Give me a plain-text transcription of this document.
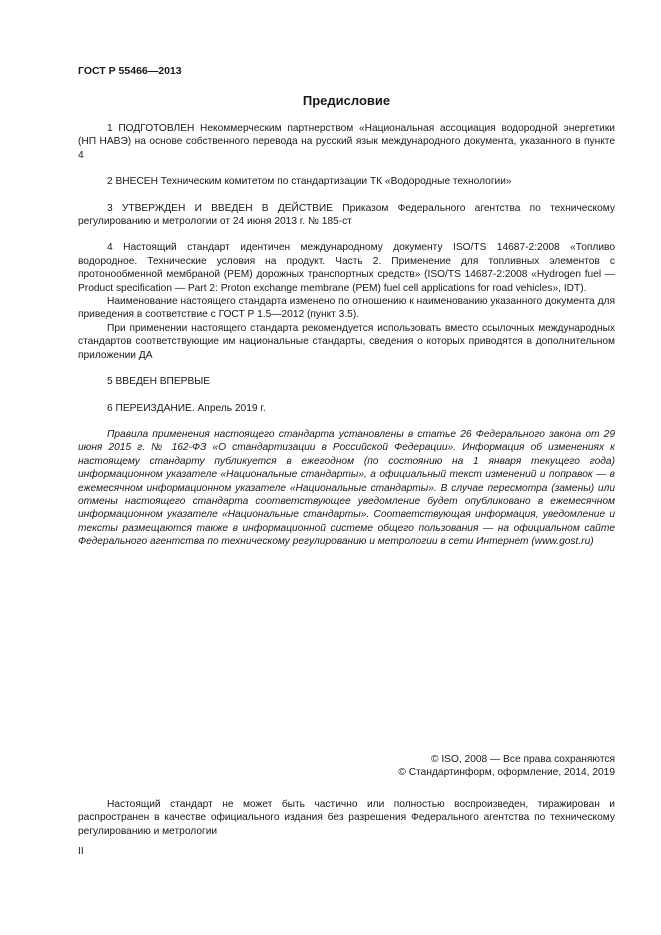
ГОСТ Р 55466—2013
Предисловие

1 ПОДГОТОВЛЕН Некоммерческим партнерством «Национальная ассоциация водородной энергетики (НП НАВЭ) на основе собственного перевода на русский язык международного документа, указанного в пункте 4

2 ВНЕСЕН Техническим комитетом по стандартизации ТК «Водородные технологии»

3 УТВЕРЖДЕН И ВВЕДЕН В ДЕЙСТВИЕ Приказом Федерального агентства по техническому регулированию и метрологии от 24 июня 2013 г. № 185-ст

4 Настоящий стандарт идентичен международному документу ISO/TS 14687-2:2008 «Топливо водородное. Технические условия на продукт. Часть 2. Применение для топливных элементов с протонообменной мембраной (РЕМ) дорожных транспортных средств» (ISO/TS 14687-2:2008 «Hydrogen fuel — Product specification — Part 2: Proton exchange membrane (PEM) fuel cell applications for road vehicles», IDT).

Наименование настоящего стандарта изменено по отношению к наименованию указанного документа для приведения в соответствие с ГОСТ Р 1.5—2012 (пункт 3.5).

При применении настоящего стандарта рекомендуется использовать вместо ссылочных международных стандартов соответствующие им национальные стандарты, сведения о которых приводятся в дополнительном приложении ДА

5 ВВЕДЕН ВПЕРВЫЕ

6 ПЕРЕИЗДАНИЕ. Апрель 2019 г.

Правила применения настоящего стандарта установлены в статье 26 Федерального закона от 29 июня 2015 г. № 162-ФЗ «О стандартизации в Российской Федерации». Информация об изменениях к настоящему стандарту публикуется в ежегодном (по состоянию на 1 января текущего года) информационном указателе «Национальные стандарты», а официальный текст изменений и поправок — в ежемесячном информационном указателе «Национальные стандарты». В случае пересмотра (замены) или отмены настоящего стандарта соответствующее уведомление будет опубликовано в ежемесячном информационном указателе «Национальные стандарты». Соответствующая информация, уведомление и тексты размещаются также в информационной системе общего пользования — на официальном сайте Федерального агентства по техническому регулированию и метрологии в сети Интернет (www.gost.ru)

© ISO, 2008 — Все права сохраняются
© Стандартинформ, оформление, 2014, 2019

Настоящий стандарт не может быть частично или полностью воспроизведен, тиражирован и распространен в качестве официального издания без разрешения Федерального агентства по техническому регулированию и метрологии

II
